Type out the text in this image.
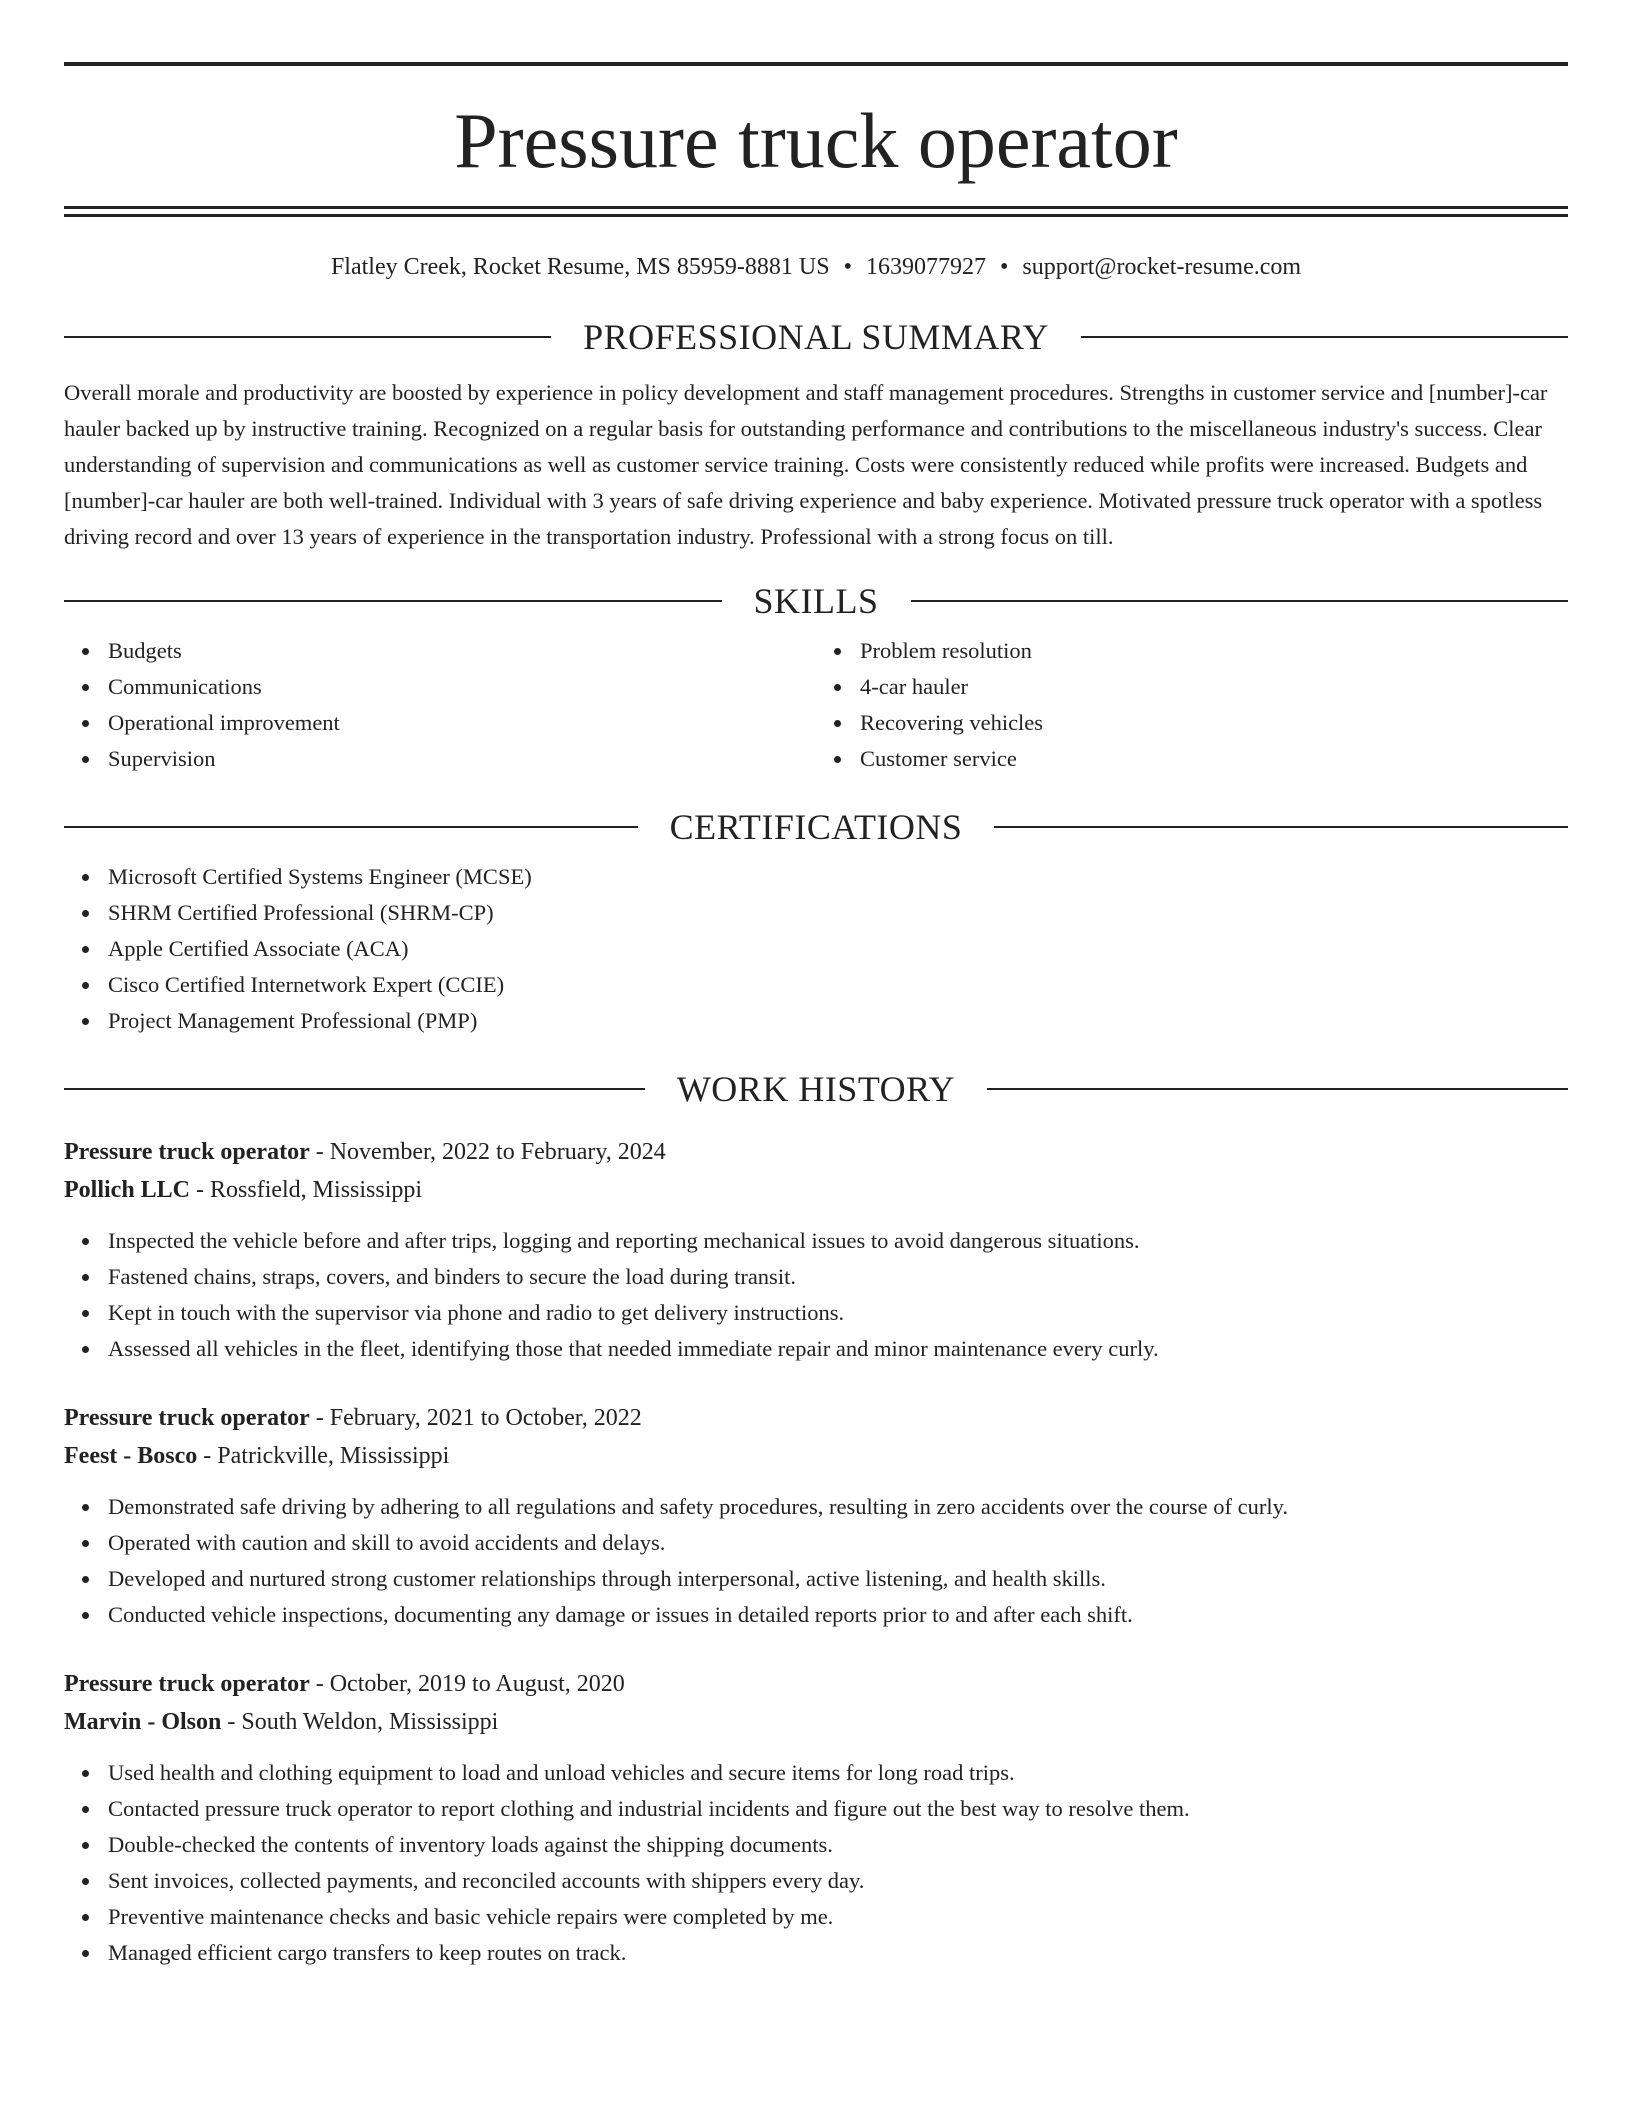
Pressure truck operator
Flatley Creek, Rocket Resume, MS 85959-8881 US • 1639077927 • support@rocket-resume.com
PROFESSIONAL SUMMARY
Overall morale and productivity are boosted by experience in policy development and staff management procedures. Strengths in customer service and [number]-car hauler backed up by instructive training. Recognized on a regular basis for outstanding performance and contributions to the miscellaneous industry's success. Clear understanding of supervision and communications as well as customer service training. Costs were consistently reduced while profits were increased. Budgets and [number]-car hauler are both well-trained. Individual with 3 years of safe driving experience and baby experience. Motivated pressure truck operator with a spotless driving record and over 13 years of experience in the transportation industry. Professional with a strong focus on till.
SKILLS
Budgets
Communications
Operational improvement
Supervision
Problem resolution
4-car hauler
Recovering vehicles
Customer service
CERTIFICATIONS
Microsoft Certified Systems Engineer (MCSE)
SHRM Certified Professional (SHRM-CP)
Apple Certified Associate (ACA)
Cisco Certified Internetwork Expert (CCIE)
Project Management Professional (PMP)
WORK HISTORY
Pressure truck operator - November, 2022 to February, 2024
Pollich LLC - Rossfield, Mississippi
Inspected the vehicle before and after trips, logging and reporting mechanical issues to avoid dangerous situations.
Fastened chains, straps, covers, and binders to secure the load during transit.
Kept in touch with the supervisor via phone and radio to get delivery instructions.
Assessed all vehicles in the fleet, identifying those that needed immediate repair and minor maintenance every curly.
Pressure truck operator - February, 2021 to October, 2022
Feest - Bosco - Patrickville, Mississippi
Demonstrated safe driving by adhering to all regulations and safety procedures, resulting in zero accidents over the course of curly.
Operated with caution and skill to avoid accidents and delays.
Developed and nurtured strong customer relationships through interpersonal, active listening, and health skills.
Conducted vehicle inspections, documenting any damage or issues in detailed reports prior to and after each shift.
Pressure truck operator - October, 2019 to August, 2020
Marvin - Olson - South Weldon, Mississippi
Used health and clothing equipment to load and unload vehicles and secure items for long road trips.
Contacted pressure truck operator to report clothing and industrial incidents and figure out the best way to resolve them.
Double-checked the contents of inventory loads against the shipping documents.
Sent invoices, collected payments, and reconciled accounts with shippers every day.
Preventive maintenance checks and basic vehicle repairs were completed by me.
Managed efficient cargo transfers to keep routes on track.
